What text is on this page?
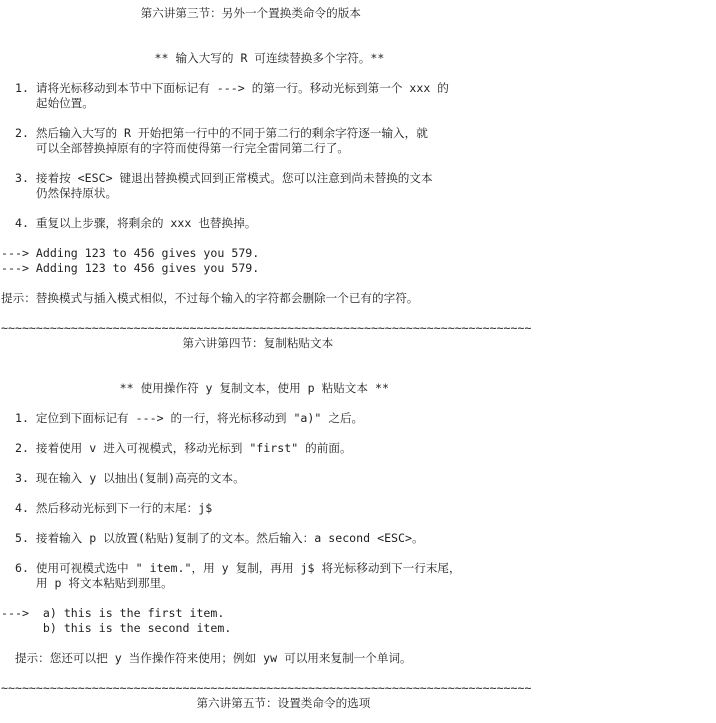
第六讲第三节：另外一个置换类命令的版本
** 输入大写的 R 可连续替换多个字符。**
1. 请将光标移动到本节中下面标记有 ---> 的第一行。移动光标到第一个 xxx 的
起始位置。
2. 然后输入大写的 R 开始把第一行中的不同于第二行的剩余字符逐一输入，就
可以全部替换掉原有的字符而使得第一行完全雷同第二行了。
3. 接着按 <ESC> 键退出替换模式回到正常模式。您可以注意到尚未替换的文本
仍然保持原状。
4. 重复以上步骤，将剩余的 xxx 也替换掉。
---> Adding 123 to 456 gives you 579.
---> Adding 123 to 456 gives you 579.
提示：替换模式与插入模式相似，不过每个输入的字符都会删除一个已有的字符。
~~~~~~~~~~~~~~~~~~~~~~~~~~~~~~~~~~~~~~~~~~~~~~~~~~~~~~~~~~~~~~~~~~~~~~~~~~~~
第六讲第四节：复制粘贴文本
** 使用操作符 y 复制文本，使用 p 粘贴文本 **
1. 定位到下面标记有 ---> 的一行，将光标移动到 "a)" 之后。
2. 接着使用 v 进入可视模式，移动光标到 "first" 的前面。
3. 现在输入 y 以抽出(复制)高亮的文本。
4. 然后移动光标到下一行的末尾：j$
5. 接着输入 p 以放置(粘贴)复制了的文本。然后输入：a second <ESC>。
6. 使用可视模式选中 " item."，用 y 复制，再用 j$ 将光标移动到下一行末尾，
用 p 将文本粘贴到那里。
--->  a) this is the first item.
b) this is the second item.
提示：您还可以把 y 当作操作符来使用；例如 yw 可以用来复制一个单词。
~~~~~~~~~~~~~~~~~~~~~~~~~~~~~~~~~~~~~~~~~~~~~~~~~~~~~~~~~~~~~~~~~~~~~~~~~~~~
第六讲第五节：设置类命令的选项
